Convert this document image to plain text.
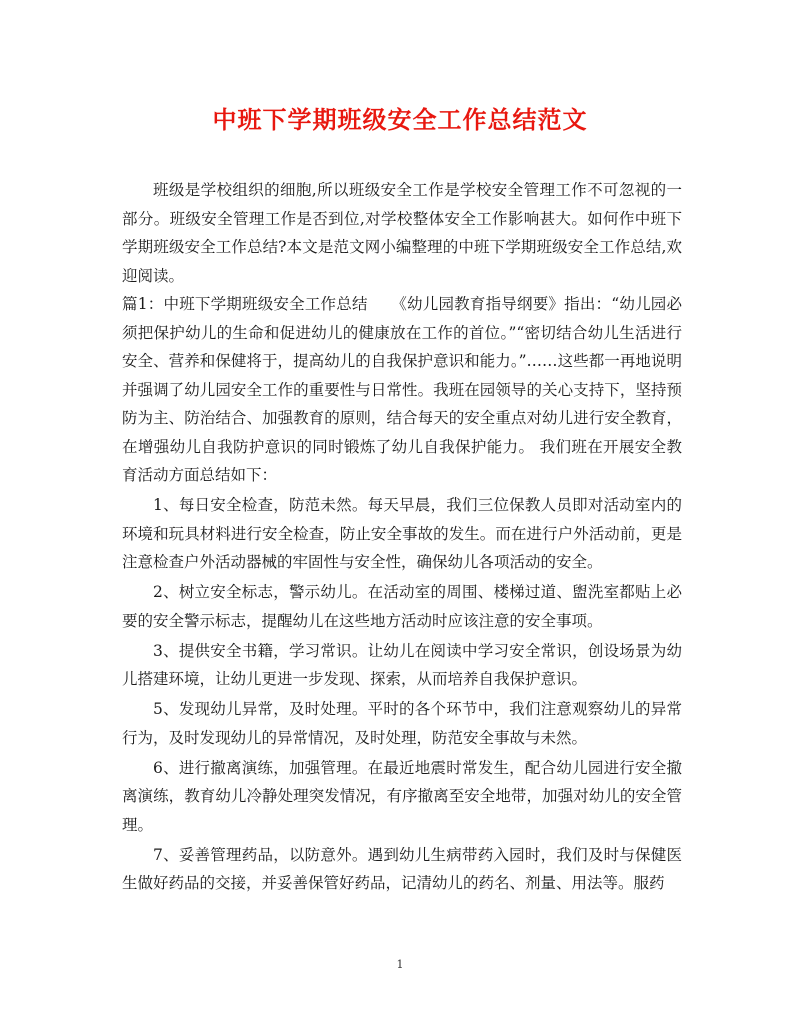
中班下学期班级安全工作总结范文

班级是学校组织的细胞,所以班级安全工作是学校安全管理工作不可忽视的一部分。班级安全管理工作是否到位,对学校整体安全工作影响甚大。如何作中班下学期班级安全工作总结?本文是范文网小编整理的中班下学期班级安全工作总结,欢迎阅读。

篇1：中班下学期班级安全工作总结　　《幼儿园教育指导纲要》指出：“幼儿园必须把保护幼儿的生命和促进幼儿的健康放在工作的首位。”“密切结合幼儿生活进行安全、营养和保健将于，提高幼儿的自我保护意识和能力。”……这些都一再地说明并强调了幼儿园安全工作的重要性与日常性。我班在园领导的关心支持下，坚持预防为主、防治结合、加强教育的原则，结合每天的安全重点对幼儿进行安全教育，在增强幼儿自我防护意识的同时锻炼了幼儿自我保护能力。 我们班在开展安全教育活动方面总结如下：

1、每日安全检查，防范未然。每天早晨，我们三位保教人员即对活动室内的环境和玩具材料进行安全检查，防止安全事故的发生。而在进行户外活动前，更是注意检查户外活动器械的牢固性与安全性，确保幼儿各项活动的安全。

2、树立安全标志，警示幼儿。在活动室的周围、楼梯过道、盥洗室都贴上必要的安全警示标志，提醒幼儿在这些地方活动时应该注意的安全事项。

3、提供安全书籍，学习常识。让幼儿在阅读中学习安全常识，创设场景为幼儿搭建环境，让幼儿更进一步发现、探索，从而培养自我保护意识。

5、发现幼儿异常，及时处理。平时的各个环节中，我们注意观察幼儿的异常行为，及时发现幼儿的异常情况，及时处理，防范安全事故与未然。

6、进行撤离演练，加强管理。在最近地震时常发生，配合幼儿园进行安全撤离演练，教育幼儿冷静处理突发情况，有序撤离至安全地带，加强对幼儿的安全管理。

7、妥善管理药品，以防意外。遇到幼儿生病带药入园时，我们及时与保健医生做好药品的交接，并妥善保管好药品，记清幼儿的药名、剂量、用法等。服药

1
